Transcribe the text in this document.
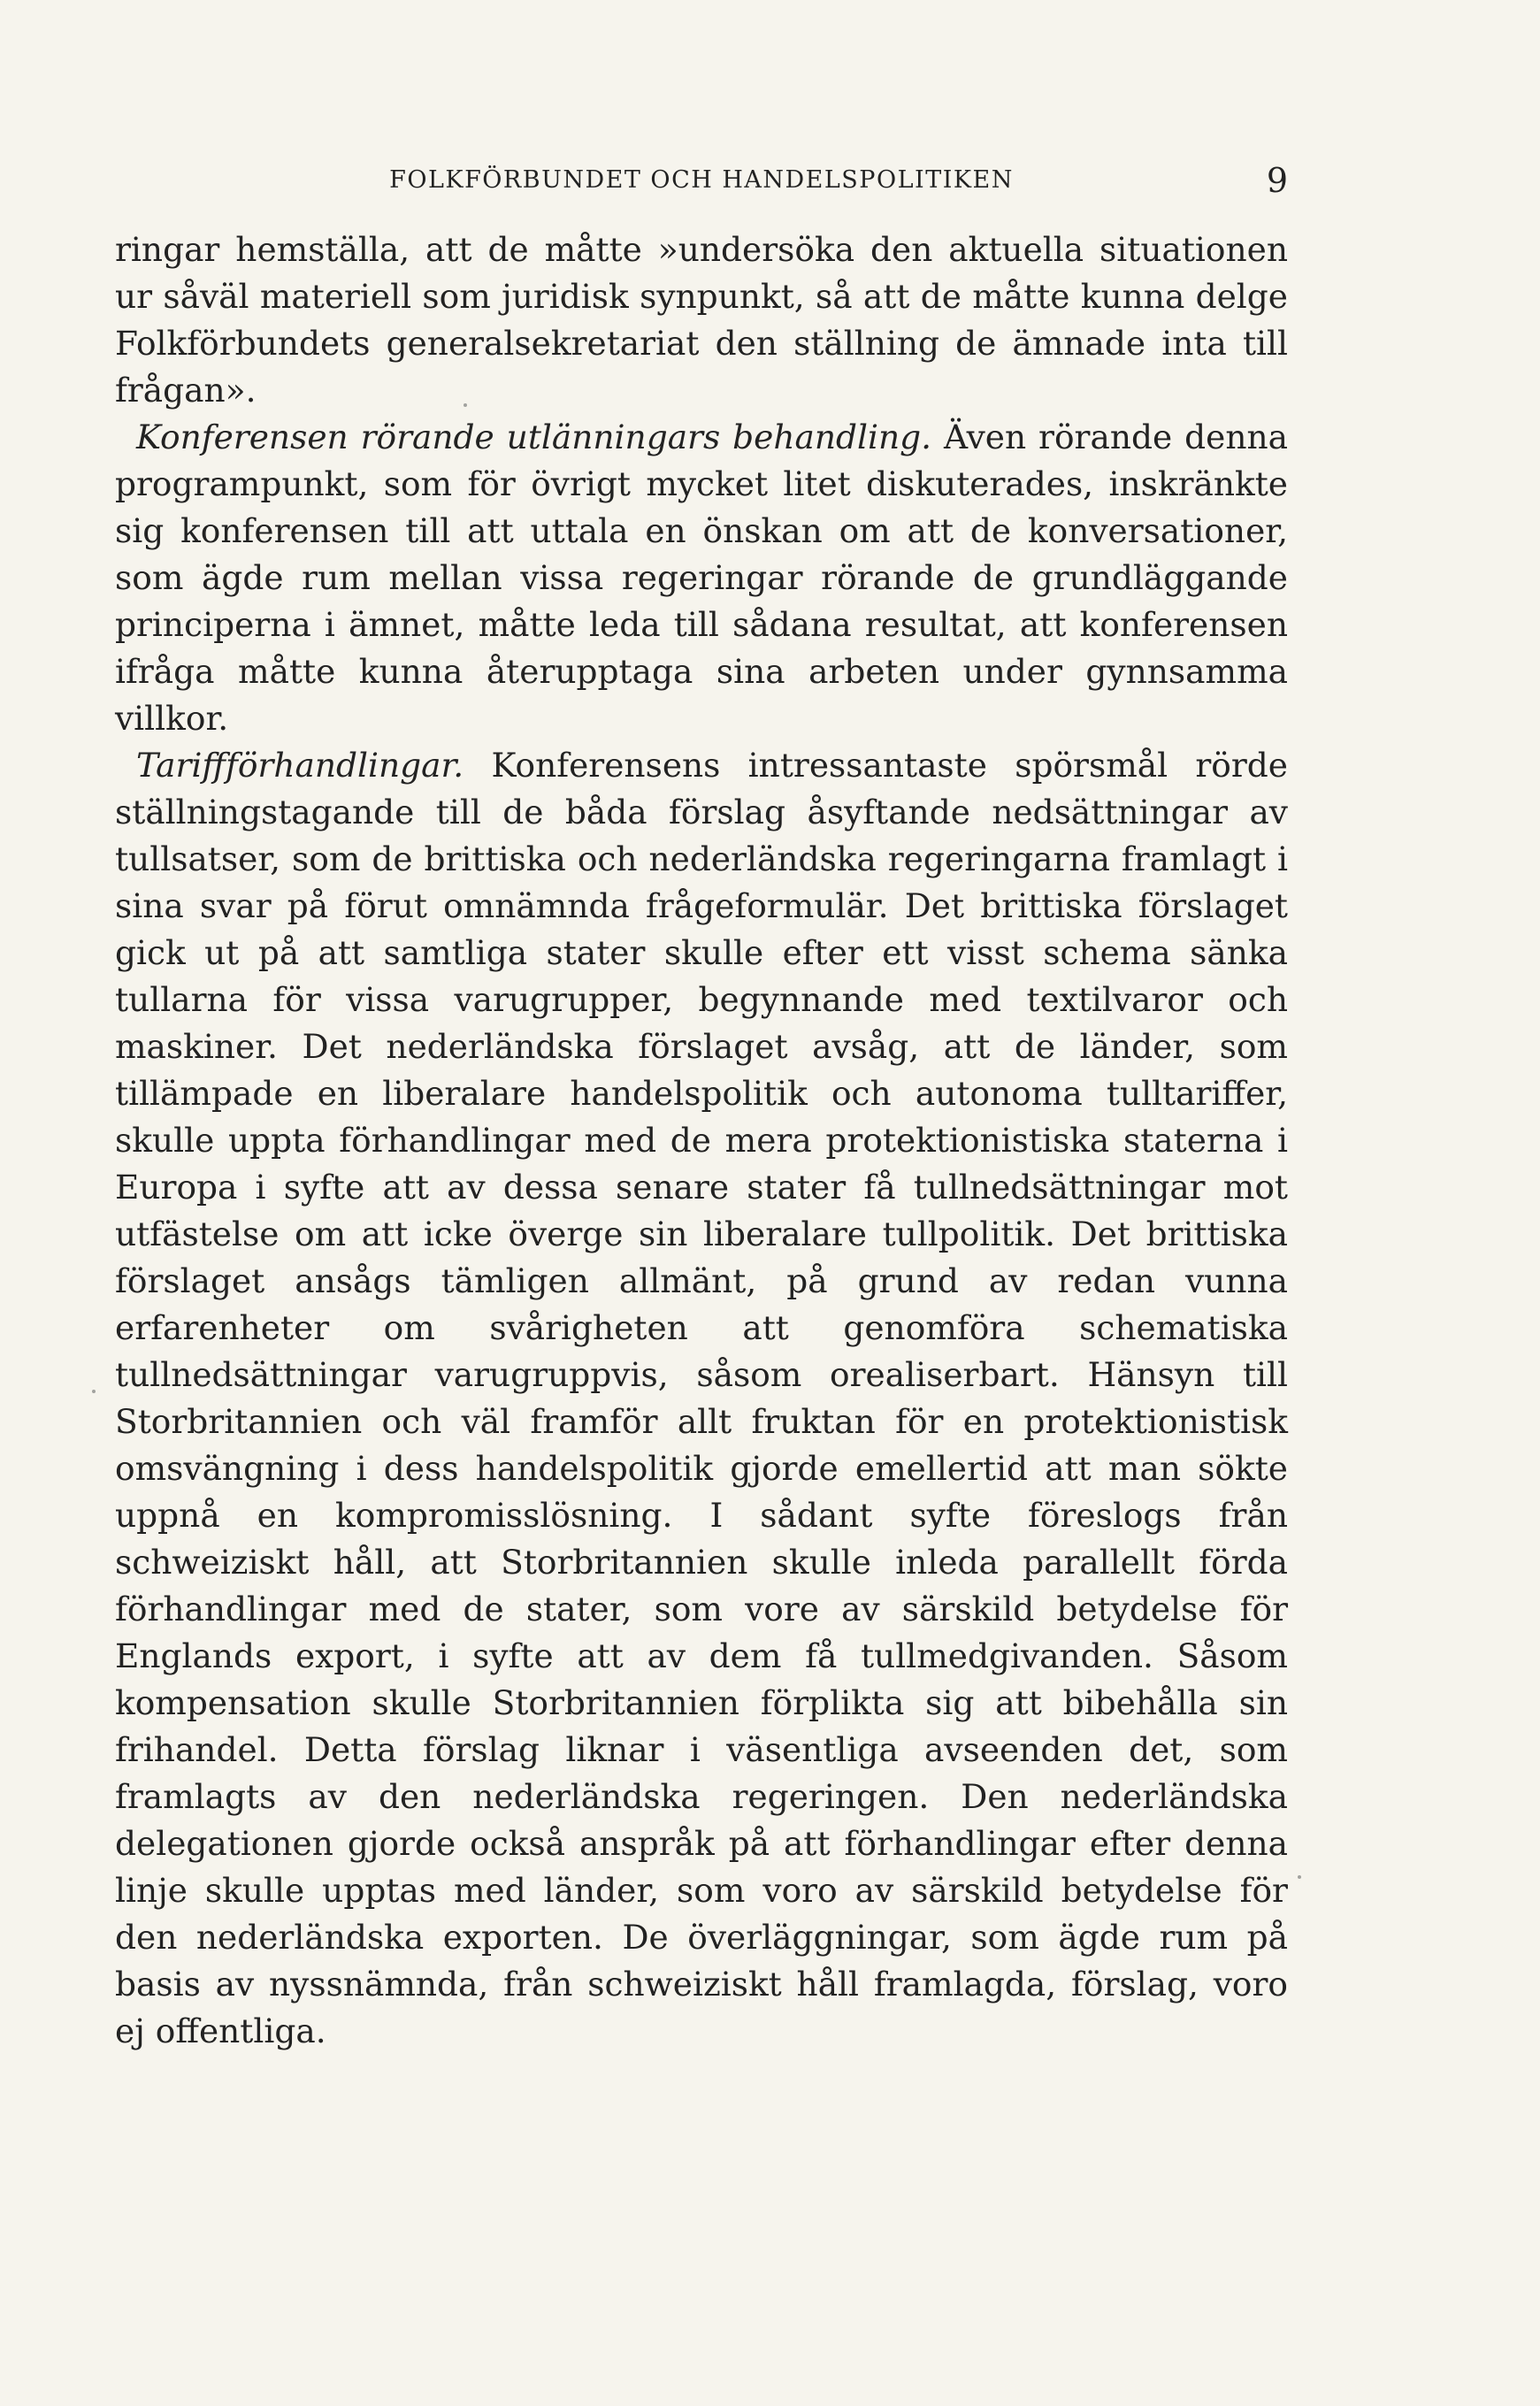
FOLKFÖRBUNDET OCH HANDELSPOLITIKEN	9

ringar hemställa, att de måtte »undersöka den aktuella situationen ur såväl materiell som juridisk synpunkt, så att de måtte kunna delge Folkförbundets generalsekretariat den ställning de ämnade inta till frågan».

Konferensen rörande utlänningars behandling. Även rörande denna programpunkt, som för övrigt mycket litet diskuterades, inskränkte sig konferensen till att uttala en önskan om att de konversationer, som ägde rum mellan vissa regeringar rörande de grundläggande principerna i ämnet, måtte leda till sådana resultat, att konferensen ifråga måtte kunna återupptaga sina arbeten under gynnsamma villkor.

Tariffförhandlingar. Konferensens intressantaste spörsmål rörde ställningstagande till de båda förslag åsyftande nedsättningar av tullsatser, som de brittiska och nederländska regeringarna framlagt i sina svar på förut omnämnda frågeformulär. Det brittiska förslaget gick ut på att samtliga stater skulle efter ett visst schema sänka tullarna för vissa varugrupper, begynnande med textilvaror och maskiner. Det nederländska förslaget avsåg, att de länder, som tillämpade en liberalare handelspolitik och autonoma tulltariffer, skulle uppta förhandlingar med de mera protektionistiska staterna i Europa i syfte att av dessa senare stater få tullnedsättningar mot utfästelse om att icke överge sin liberalare tullpolitik. Det brittiska förslaget ansågs tämligen allmänt, på grund av redan vunna erfarenheter om svårigheten att genomföra schematiska tullnedsättningar varugruppvis, såsom orealiserbart. Hänsyn till Storbritannien och väl framför allt fruktan för en protektionistisk omsvängning i dess handelspolitik gjorde emellertid att man sökte uppnå en kompromisslösning. I sådant syfte föreslogs från schweiziskt håll, att Storbritannien skulle inleda parallellt förda förhandlingar med de stater, som vore av särskild betydelse för Englands export, i syfte att av dem få tullmedgivanden. Såsom kompensation skulle Storbritannien förplikta sig att bibehålla sin frihandel. Detta förslag liknar i väsentliga avseenden det, som framlagts av den nederländska regeringen. Den nederländska delegationen gjorde också anspråk på att förhandlingar efter denna linje skulle upptas med länder, som voro av särskild betydelse för den nederländska exporten. De överläggningar, som ägde rum på basis av nyssnämnda, från schweiziskt håll framlagda, förslag, voro ej offentliga.
